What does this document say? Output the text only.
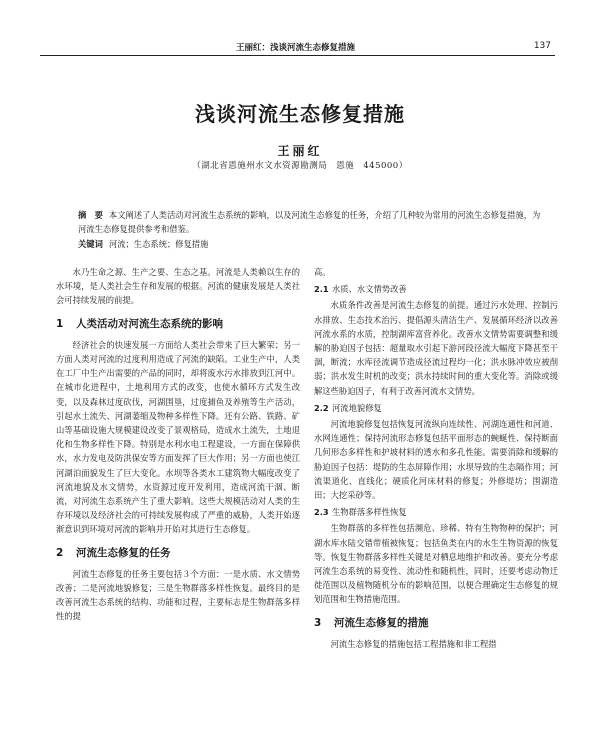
王丽红：浅谈河流生态修复措施	137
浅谈河流生态修复措施
王丽红
（湖北省恩施州水文水资源勘测局　恩施　445000）
摘　要 本文阐述了人类活动对河流生态系统的影响，以及河流生态修复的任务，介绍了几种较为常用的河流生态修复措施，为河流生态修复提供参考和借鉴。
关键词 河流；生态系统；修复措施

水乃生命之源、生产之要、生态之基。河流是人类赖以生存的水环境，是人类社会生存和发展的根据。河流的健康发展是人类社会可持续发展的前提。

1 人类活动对河流生态系统的影响

经济社会的快速发展一方面给人类社会带来了巨大繁荣；另一方面人类对河流的过度利用造成了河流的缺陷。工业生产中，人类在工厂中生产出需要的产品的同时，却将废水污水排放到江河中。在城市化进程中，土地利用方式的改变，也使水循环方式发生改变，以及森林过度砍伐，河湖围垦，过度捕鱼及养殖等生产活动，引起水土流失、河湖萎缩及物种多样性下降。还有公路、铁路、矿山等基础设施大规模建设改变了景观格局，造成水土流失，土地退化和生物多样性下降。特别是水利水电工程建设，一方面在保障供水，水力发电及防洪保安等方面发挥了巨大作用；另一方面也使江河湖泊面貌发生了巨大变化。水坝等各类水工建筑物大幅度改变了河流地貌及水文情势，水资源过度开发利用，造成河流干涸、断流，对河流生态系统产生了重大影响。这些大规模活动对人类的生存环境以及经济社会的可持续发展构成了严重的威胁，人类开始逐渐意识到环境对河流的影响并开始对其进行生态修复。

2 河流生态修复的任务

河流生态修复的任务主要包括３个方面：一是水质、水文情势改善；二是河流地貌修复；三是生物群落多样性恢复。最终目的是改善河流生态系统的结构、功能和过程，主要标志是生物群落多样性的提

高。

2.1 水质、水文情势改善

水质条件改善是河流生态修复的前提。通过污水处理、控制污水排放、生态技术治污、提倡源头清洁生产、发展循环经济以改善河流水系的水质，控制湖库富营养化。改善水文情势需要调整和缓解的胁迫因子包括：超量取水引起下游河段径流大幅度下降甚至干涸，断流；水库径流调节造成径流过程均一化；洪水脉冲效应被削弱；洪水发生时机的改变；洪水持续时间的重大变化等。消除或缓解这些胁迫因子，有利于改善河流水文情势。

2.2 河流地貌修复

河流地貌修复包括恢复河流纵向连续性、河湖连通性和河道、水网连通性；保持河流形态修复包括平面形态的蜿蜒性、保持断面几何形态多样性和护坡材料的透水和多孔性能。需要消除和缓解的胁迫因子包括：堤防的生态屏障作用；水坝导致的生态隔作用；河流渠道化、直线化；硬质化河床材料的修复；外修堤坊；围湖造田；大挖采砂等。

2.3 生物群落多样性恢复

生物群落的多样性包括濒危、珍稀、特有生物物种的保护；河湖水库水陆交错带植被恢复；包括鱼类在内的水生生物资源的恢复等。恢复生物群落多样性关键是对栖息地维护和改善。要充分考虑河流生态系统的易变性、流动性和随机性，同时，还要考虑动物迁徙范围以及植物随机分布的影响范围，以便合理确定生态修复的规划范围和生物措施范围。

3 河流生态修复的措施

河流生态修复的措施包括工程措施和非工程措
